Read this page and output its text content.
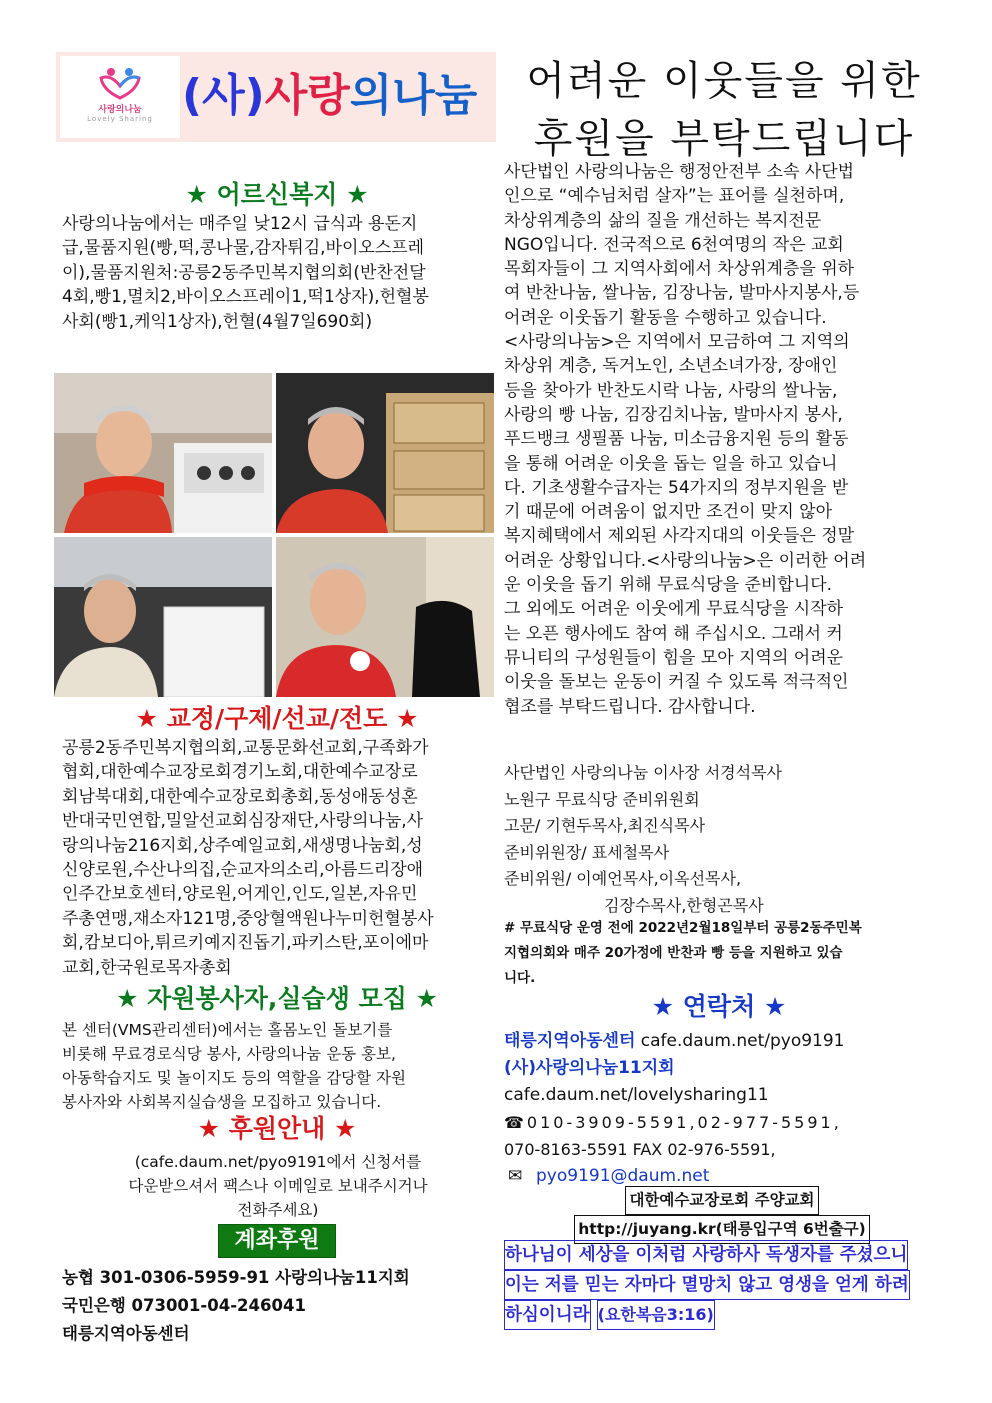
사랑의나눔
Lovely Sharing (사)사랑의나눔	어려운 이웃들을 위한
후원을 부탁드립니다
★ 어르신복지 ★
사랑의나눔에서는 매주일 낮12시 급식과 용돈지
급,물품지원(빵,떡,콩나물,감자튀김,바이오스프레
이),물품지원처:공릉2동주민복지협의회(반찬전달
4회,빵1,멸치2,바이오스프레이1,떡1상자),헌혈봉
사회(빵1,케익1상자),헌혈(4월7일690회)
★ 교정/구제/선교/전도 ★
공릉2동주민복지협의회,교통문화선교회,구족화가
협회,대한예수교장로회경기노회,대한예수교장로
회남북대회,대한예수교장로회총회,동성애동성혼
반대국민연합,밀알선교회심장재단,사랑의나눔,사
랑의나눔216지회,상주예일교회,새생명나눔회,성
신양로원,수산나의집,순교자의소리,아름드리장애
인주간보호센터,양로원,어게인,인도,일본,자유민
주총연맹,재소자121명,중앙혈액원나누미헌혈봉사
회,캄보디아,튀르키예지진돕기,파키스탄,포이에마
교회,한국원로목자총회
★ 자원봉사자,실습생 모집 ★
본 센터(VMS관리센터)에서는 홀몸노인 돌보기를
비롯해 무료경로식당 봉사, 사랑의나눔 운동 홍보,
아동학습지도 및 놀이지도 등의 역할을 감당할 자원
봉사자와 사회복지실습생을 모집하고 있습니다.
★ 후원안내 ★
(cafe.daum.net/pyo9191에서 신청서를
다운받으셔서 팩스나 이메일로 보내주시거나
전화주세요)
계좌후원
농협 301-0306-5959-91 사랑의나눔11지회
국민은행 073001-04-246041
태릉지역아동센터
사단법인 사랑의나눔은 행정안전부 소속 사단법
인으로 “예수님처럼 살자”는 표어를 실천하며,
차상위계층의 삶의 질을 개선하는 복지전문
NGO입니다. 전국적으로 6천여명의 작은 교회
목회자들이 그 지역사회에서 차상위계층을 위하
여 반찬나눔, 쌀나눔, 김장나눔, 발마사지봉사,등
어려운 이웃돕기 활동을 수행하고 있습니다.
<사랑의나눔>은 지역에서 모금하여 그 지역의
차상위 계층, 독거노인, 소년소녀가장, 장애인
등을 찾아가 반찬도시락 나눔, 사랑의 쌀나눔,
사랑의 빵 나눔, 김장김치나눔, 발마사지 봉사,
푸드뱅크 생필품 나눔, 미소금융지원 등의 활동
을 통해 어려운 이웃을 돕는 일을 하고 있습니
다. 기초생활수급자는 54가지의 정부지원을 받
기 때문에 어려움이 없지만 조건이 맞지 않아
복지혜택에서 제외된 사각지대의 이웃들은 정말
어려운 상황입니다.<사랑의나눔>은 이러한 어려
운 이웃을 돕기 위해 무료식당을 준비합니다.
그 외에도 어려운 이웃에게 무료식당을 시작하
는 오픈 행사에도 참여 해 주십시오. 그래서 커
뮤니티의 구성원들이 힘을 모아 지역의 어려운
이웃을 돌보는 운동이 커질 수 있도록 적극적인
협조를 부탁드립니다. 감사합니다.
사단법인 사랑의나눔 이사장 서경석목사
노원구 무료식당 준비위원회
고문/ 기현두목사,최진식목사
준비위원장/ 표세철목사
준비위원/ 이예언목사,이옥선목사,
김장수목사,한형곤목사
# 무료식당 운영 전에 2022년2월18일부터 공릉2동주민복
지협의회와 매주 20가정에 반찬과 빵 등을 지원하고 있습
니다.
★ 연락처 ★
태릉지역아동센터 cafe.daum.net/pyo9191
(사)사랑의나눔11지회
cafe.daum.net/lovelysharing11
☎010-3909-5591,02-977-5591,
070-8163-5591 FAX 02-976-5591,
✉ pyo9191@daum.net
대한예수교장로회 주양교회
http://juyang.kr(태릉입구역 6번출구)
하나님이 세상을 이처럼 사랑하사 독생자를 주셨으니 이는 저를 믿는 자마다 멸망치 않고 영생을 얻게 하려 하심이니라 (요한복음3:16)
